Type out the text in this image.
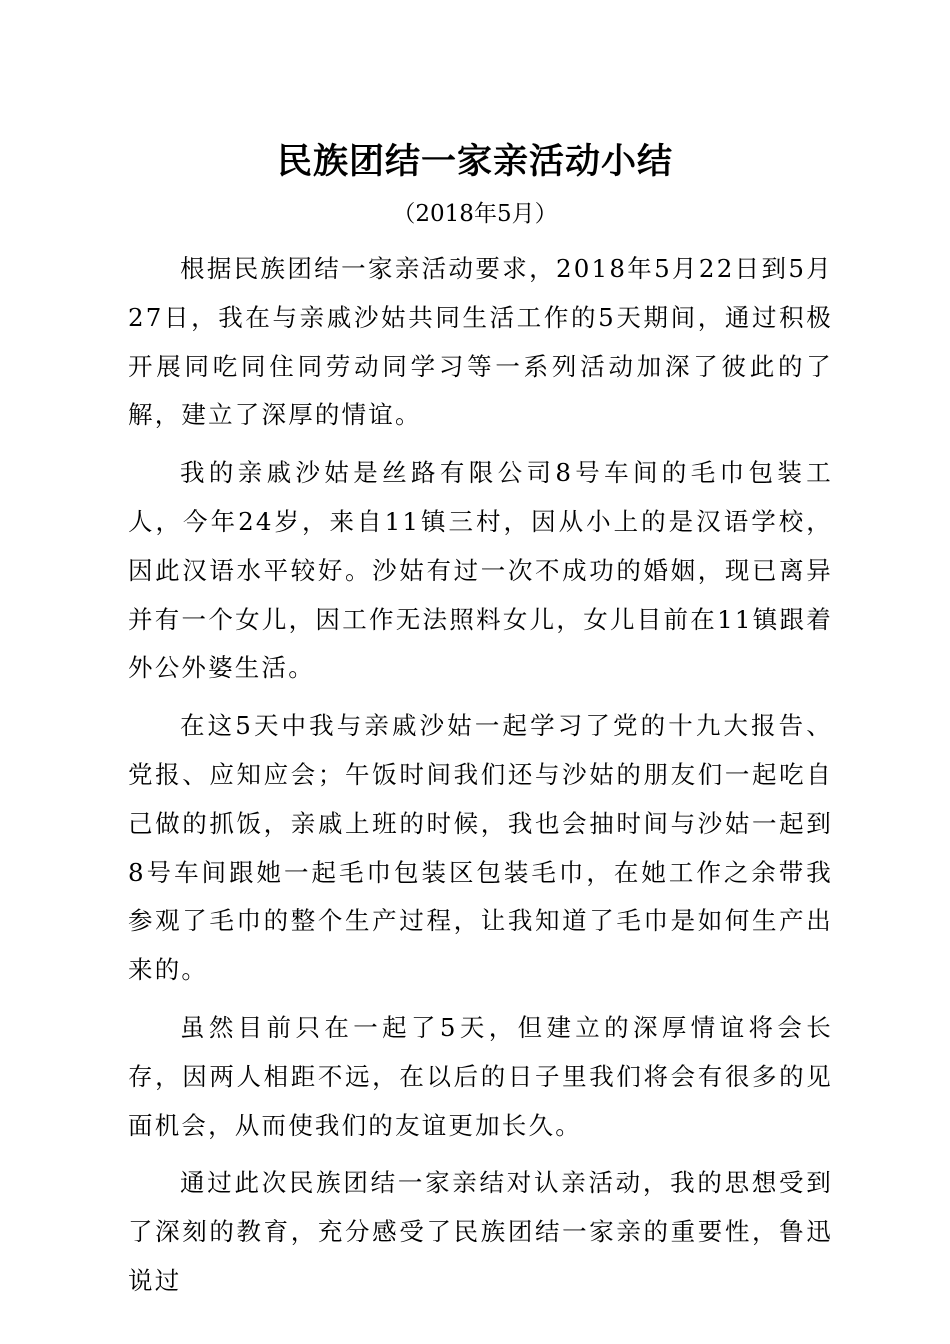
民族团结一家亲活动小结

（2018年5月）

根据民族团结一家亲活动要求，2018年5月22日到5月27日，我在与亲戚沙姑共同生活工作的5天期间，通过积极开展同吃同住同劳动同学习等一系列活动加深了彼此的了解，建立了深厚的情谊。

我的亲戚沙姑是丝路有限公司8号车间的毛巾包装工人，今年24岁，来自11镇三村，因从小上的是汉语学校，因此汉语水平较好。沙姑有过一次不成功的婚姻，现已离异并有一个女儿，因工作无法照料女儿，女儿目前在11镇跟着外公外婆生活。

在这5天中我与亲戚沙姑一起学习了党的十九大报告、党报、应知应会；午饭时间我们还与沙姑的朋友们一起吃自己做的抓饭，亲戚上班的时候，我也会抽时间与沙姑一起到8号车间跟她一起毛巾包装区包装毛巾，在她工作之余带我参观了毛巾的整个生产过程，让我知道了毛巾是如何生产出来的。

虽然目前只在一起了5天，但建立的深厚情谊将会长存，因两人相距不远，在以后的日子里我们将会有很多的见面机会，从而使我们的友谊更加长久。

通过此次民族团结一家亲结对认亲活动，我的思想受到了深刻的教育，充分感受了民族团结一家亲的重要性，鲁迅说过
